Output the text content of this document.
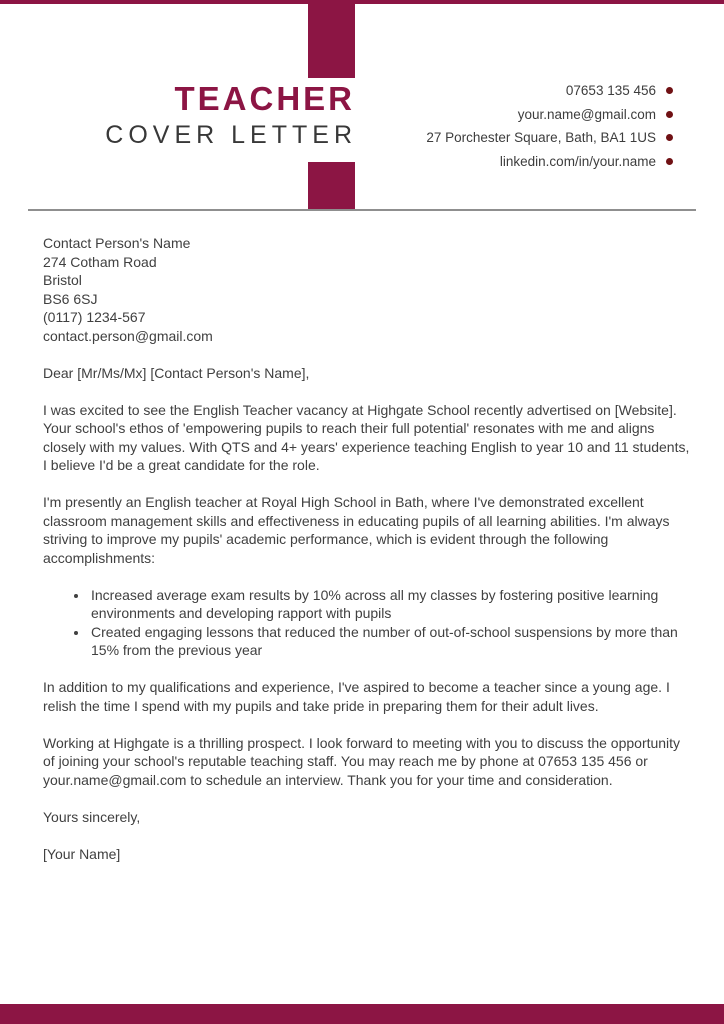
TEACHER
COVER LETTER
07653 135 456
your.name@gmail.com
27 Porchester Square, Bath, BA1 1US
linkedin.com/in/your.name

Contact Person's Name
274 Cotham Road
Bristol
BS6 6SJ
(0117) 1234-567
contact.person@gmail.com

Dear [Mr/Ms/Mx] [Contact Person's Name],

I was excited to see the English Teacher vacancy at Highgate School recently advertised on [Website]. Your school's ethos of 'empowering pupils to reach their full potential' resonates with me and aligns closely with my values. With QTS and 4+ years' experience teaching English to year 10 and 11 students, I believe I'd be a great candidate for the role.

I'm presently an English teacher at Royal High School in Bath, where I've demonstrated excellent classroom management skills and effectiveness in educating pupils of all learning abilities. I'm always striving to improve my pupils' academic performance, which is evident through the following accomplishments:

• Increased average exam results by 10% across all my classes by fostering positive learning environments and developing rapport with pupils
• Created engaging lessons that reduced the number of out-of-school suspensions by more than 15% from the previous year

In addition to my qualifications and experience, I've aspired to become a teacher since a young age. I relish the time I spend with my pupils and take pride in preparing them for their adult lives.

Working at Highgate is a thrilling prospect. I look forward to meeting with you to discuss the opportunity of joining your school's reputable teaching staff. You may reach me by phone at 07653 135 456 or your.name@gmail.com to schedule an interview. Thank you for your time and consideration.

Yours sincerely,

[Your Name]
